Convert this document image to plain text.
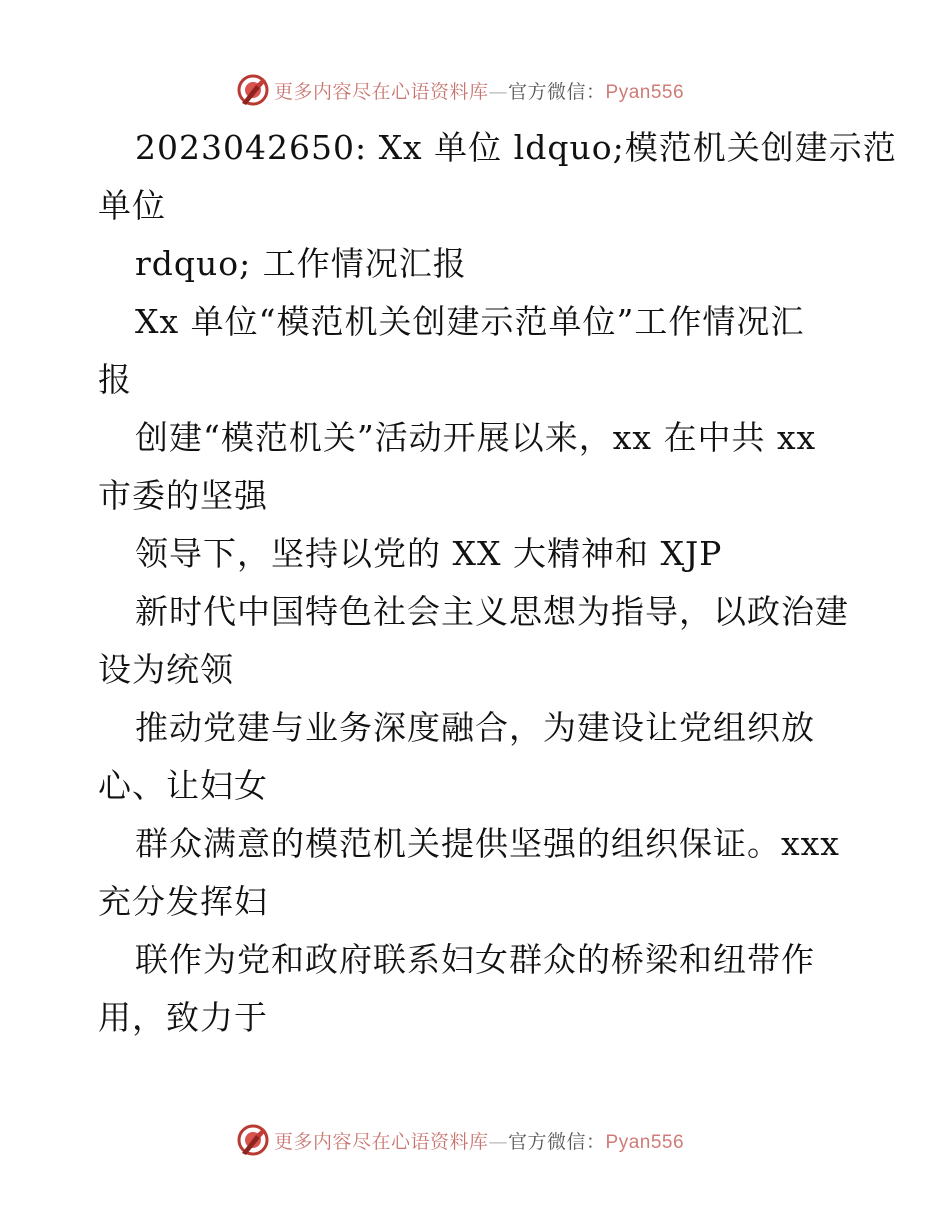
更多内容尽在心语资料库—官方微信：Pyan556
2023042650: Xx 单位 ldquo;模范机关创建示范
单位
rdquo; 工作情况汇报
Xx 单位“模范机关创建示范单位”工作情况汇
报
创建“模范机关”活动开展以来，xx 在中共 xx
市委的坚强
领导下，坚持以党的 XX 大精神和 XJP
新时代中国特色社会主义思想为指导，以政治建
设为统领
推动党建与业务深度融合，为建设让党组织放
心、让妇女
群众满意的模范机关提供坚强的组织保证。xxx
充分发挥妇
联作为党和政府联系妇女群众的桥梁和纽带作
用，致力于
更多内容尽在心语资料库—官方微信：Pyan556
